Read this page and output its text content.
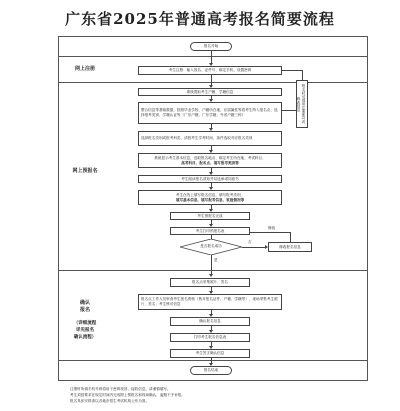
广东省2025年普通高考报名简要流程
网上注册
网上预报名
确认
报名
（详细流程
详见报名
确认流程）
报名开始
考生注册：输入姓名、证件号、绑定手机、设置密码
系统提取考生户籍、学籍信息
整合信息等基础数据，按照毕业学校、户籍所在地、应届属性等将考生纳入报名点、选择报考类别、学籍认证等（广东户籍，广东学籍，外省户籍三种）
选择报名类别或报考科类，请按考生学考时间、条件选取对应报名类别
系统显示考生基本信息，选取报名地点、绑定考生所在地、考试科目、
高考科目、报名点、填写报考类别等
考生阅读报名须知并勾选承诺同意书
考生在线上填写报名信息，填写报考类别，
填写基本信息、填写报考信息、家庭情况等
考生预报名完成
考生打印预报名表
是否报名成功
否
修改报名信息
修改
是
报名点采集照片、签名
报名点工作人员审查考生报名资格（核对报名证件、户籍、学籍等）、现场采集考生照片、签名；考生核对信息
确认报名信息
打印考生报名信息表
考生签字确认信息
报名结束
报名时可提前注册账号或修改信息
注册时所填手机号码将用于密码找回、接收信息，请谨慎填写。
考生须按要求在规定时间内完成网上预报名和现场确认，逾期不予补报。
报名具体安排请以各地市招生考试机构公布为准。
